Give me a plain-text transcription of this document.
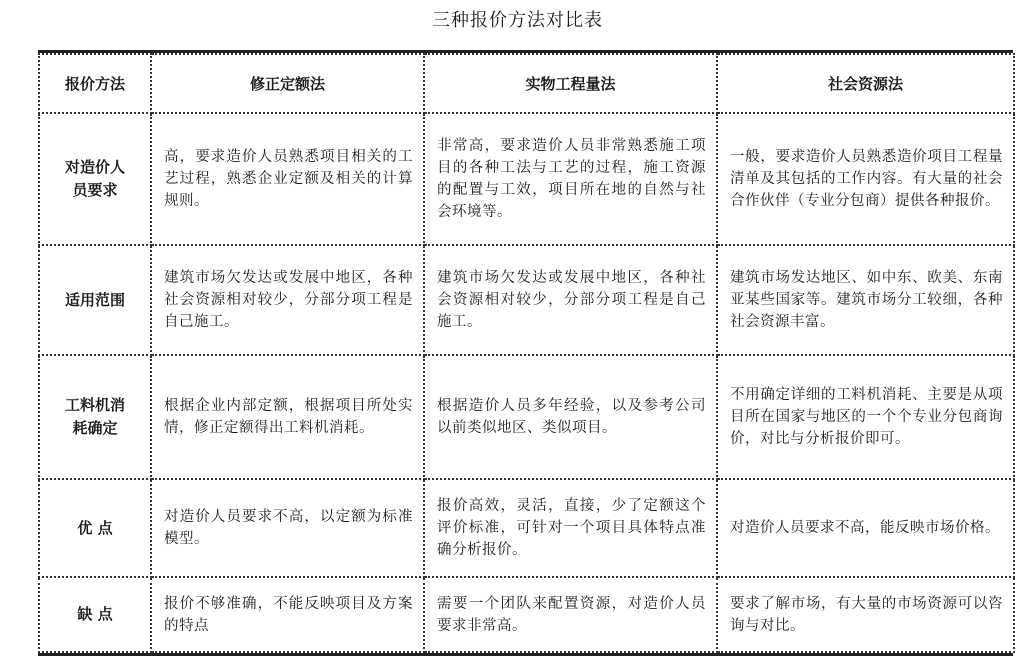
三种报价方法对比表
报价方法	修正定额法	实物工程量法	社会资源法
对造价人员要求	高，要求造价人员熟悉项目相关的工艺过程，熟悉企业定额及相关的计算规则。	非常高，要求造价人员非常熟悉施工项目的各种工法与工艺的过程，施工资源的配置与工效，项目所在地的自然与社会环境等。	一般，要求造价人员熟悉造价项目工程量清单及其包括的工作内容。有大量的社会合作伙伴（专业分包商）提供各种报价。
适用范围	建筑市场欠发达或发展中地区，各种社会资源相对较少，分部分项工程是自己施工。	建筑市场欠发达或发展中地区，各种社会资源相对较少，分部分项工程是自己施工。	建筑市场发达地区、如中东、欧美、东南亚某些国家等。建筑市场分工较细，各种社会资源丰富。
工料机消耗确定	根据企业内部定额，根据项目所处实情，修正定额得出工料机消耗。	根据造价人员多年经验，以及参考公司以前类似地区、类似项目。	不用确定详细的工料机消耗、主要是从项目所在国家与地区的一个个专业分包商询价，对比与分析报价即可。
优 点	对造价人员要求不高，以定额为标准模型。	报价高效，灵活，直接，少了定额这个评价标准，可针对一个项目具体特点准确分析报价。	对造价人员要求不高，能反映市场价格。
缺 点	报价不够准确，不能反映项目及方案的特点	需要一个团队来配置资源，对造价人员要求非常高。	要求了解市场，有大量的市场资源可以咨询与对比。
